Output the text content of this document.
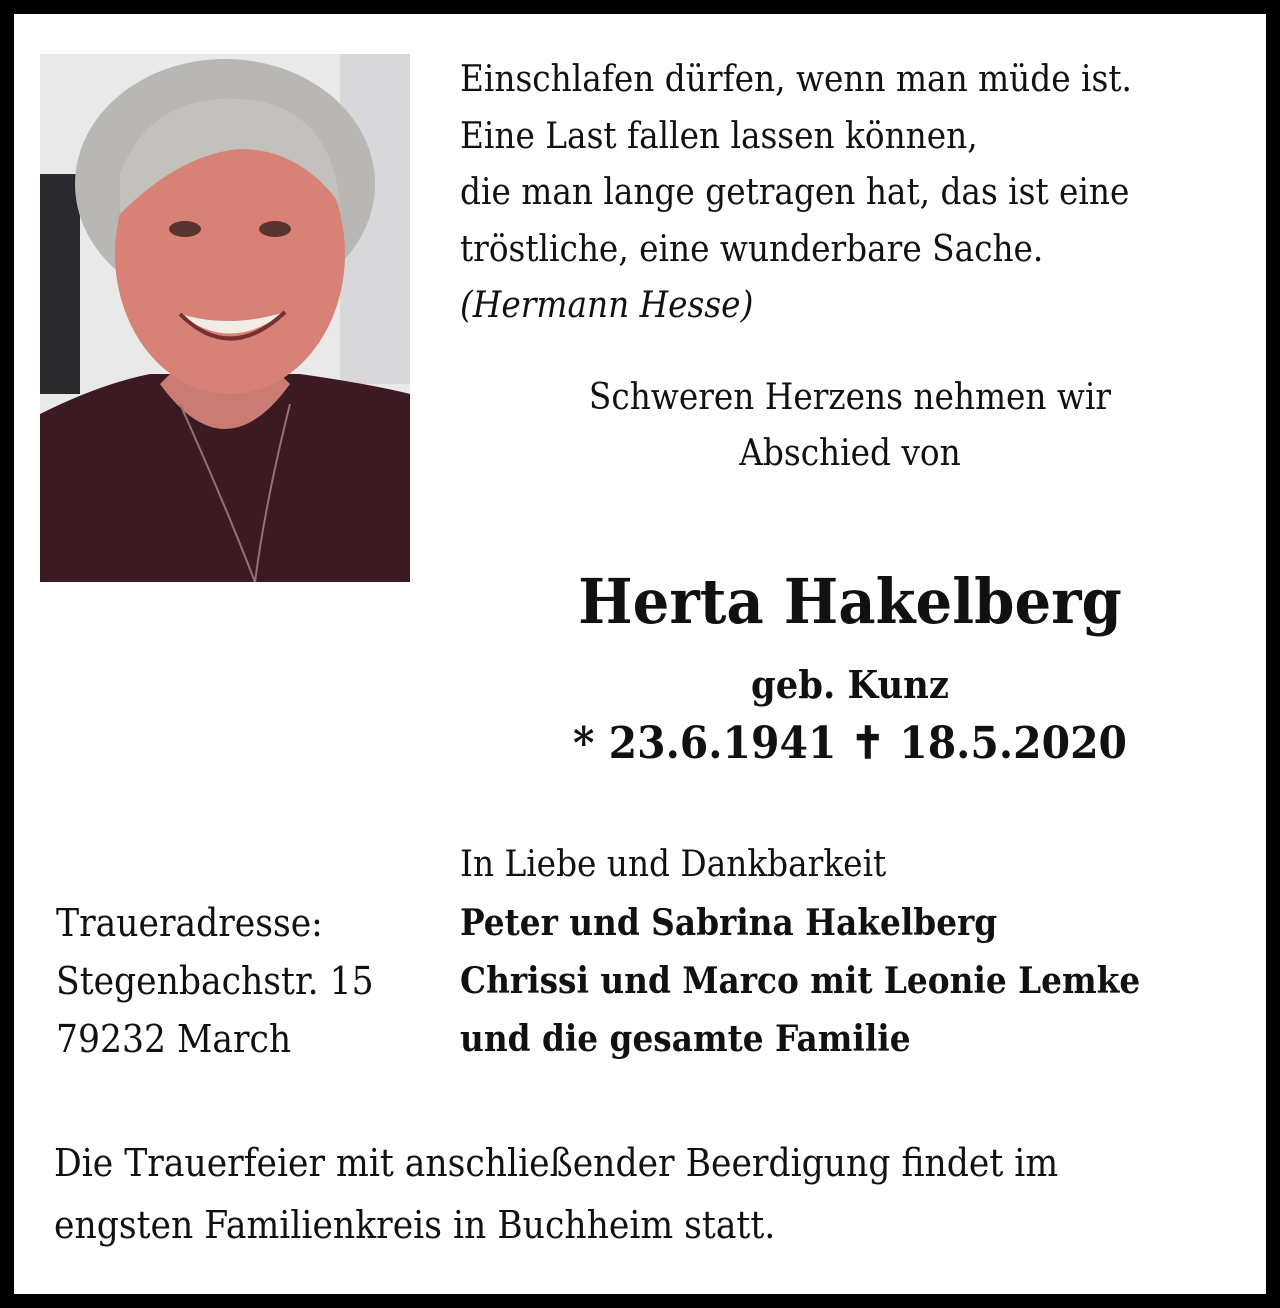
Einschlafen dürfen, wenn man müde ist.
Eine Last fallen lassen können,
die man lange getragen hat, das ist eine
tröstliche, eine wunderbare Sache.
(Hermann Hesse)
Schweren Herzens nehmen wir
Abschied von
Herta Hakelberg
geb. Kunz
* 23.6.1941 ✝ 18.5.2020
In Liebe und Dankbarkeit
Peter und Sabrina Hakelberg
Chrissi und Marco mit Leonie Lemke
und die gesamte Familie
Traueradresse:
Stegenbachstr. 15
79232 March
Die Trauerfeier mit anschließender Beerdigung findet im
engsten Familienkreis in Buchheim statt.
